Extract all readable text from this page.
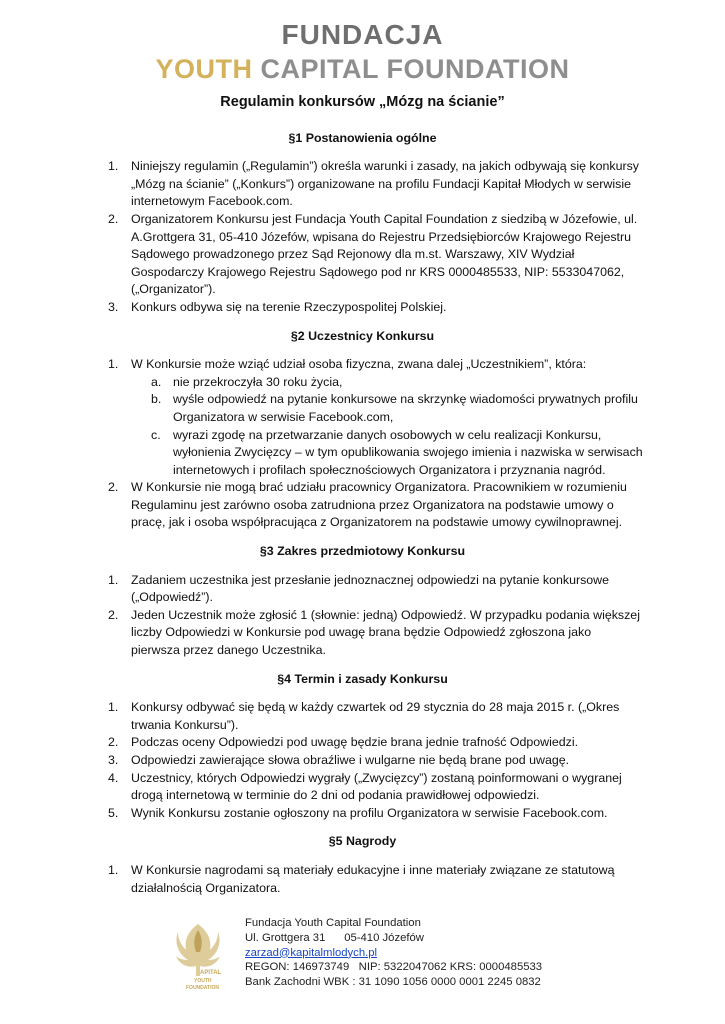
FUNDACJA
YOUTH CAPITAL FOUNDATION
Regulamin konkursów „Mózg na ścianie”
§1 Postanowienia ogólne
1. Niniejszy regulamin („Regulamin”) określa warunki i zasady, na jakich odbywają się konkursy „Mózg na ścianie” („Konkurs”) organizowane na profilu Fundacji Kapitał Młodych w serwisie internetowym Facebook.com.
2. Organizatorem Konkursu jest Fundacja Youth Capital Foundation z siedzibą w Józefowie, ul. A.Grottgera 31, 05-410 Józefów, wpisana do Rejestru Przedsiębiorców Krajowego Rejestru Sądowego prowadzonego przez Sąd Rejonowy dla m.st. Warszawy, XIV Wydział Gospodarczy Krajowego Rejestru Sądowego pod nr KRS 0000485533, NIP: 5533047062, („Organizator”).
3. Konkurs odbywa się na terenie Rzeczypospolitej Polskiej.
§2 Uczestnicy Konkursu
1. W Konkursie może wziąć udział osoba fizyczna, zwana dalej „Uczestnikiem”, która:
a. nie przekroczyła 30 roku życia,
b. wyśle odpowiedź na pytanie konkursowe na skrzynkę wiadomości prywatnych profilu Organizatora w serwisie Facebook.com,
c. wyrazi zgodę na przetwarzanie danych osobowych w celu realizacji Konkursu, wyłonienia Zwycięzcy – w tym opublikowania swojego imienia i nazwiska w serwisach internetowych i profilach społecznościowych Organizatora i przyznania nagród.
2. W Konkursie nie mogą brać udziału pracownicy Organizatora. Pracownikiem w rozumieniu Regulaminu jest zarówno osoba zatrudniona przez Organizatora na podstawie umowy o pracę, jak i osoba współpracująca z Organizatorem na podstawie umowy cywilnoprawnej.
§3 Zakres przedmiotowy Konkursu
1. Zadaniem uczestnika jest przesłanie jednoznacznej odpowiedzi na pytanie konkursowe („Odpowiedź”).
2. Jeden Uczestnik może zgłosić 1 (słownie: jedną) Odpowiedź. W przypadku podania większej liczby Odpowiedzi w Konkursie pod uwagę brana będzie Odpowiedź zgłoszona jako pierwsza przez danego Uczestnika.
§4 Termin i zasady Konkursu
1. Konkursy odbywać się będą w każdy czwartek od 29 stycznia do 28 maja 2015 r. („Okres trwania Konkursu”).
2. Podczas oceny Odpowiedzi pod uwagę będzie brana jednie trafność Odpowiedzi.
3. Odpowiedzi zawierające słowa obraźliwe i wulgarne nie będą brane pod uwagę.
4. Uczestnicy, których Odpowiedzi wygrały („Zwycięzcy”) zostaną poinformowani o wygranej drogą internetową w terminie do 2 dni od podania prawidłowej odpowiedzi.
5. Wynik Konkursu zostanie ogłoszony na profilu Organizatora w serwisie Facebook.com.
§5 Nagrody
1. W Konkursie nagrodami są materiały edukacyjne i inne materiały związane ze statutową działalnością Organizatora.
APITAL
YOUTH
FOUNDATION
Fundacja Youth Capital Foundation
Ul. Grottgera 31      05-410 Józefów
zarzad@kapitalmlodych.pl
REGON: 146973749   NIP: 5322047062 KRS: 0000485533
Bank Zachodni WBK : 31 1090 1056 0000 0001 2245 0832
